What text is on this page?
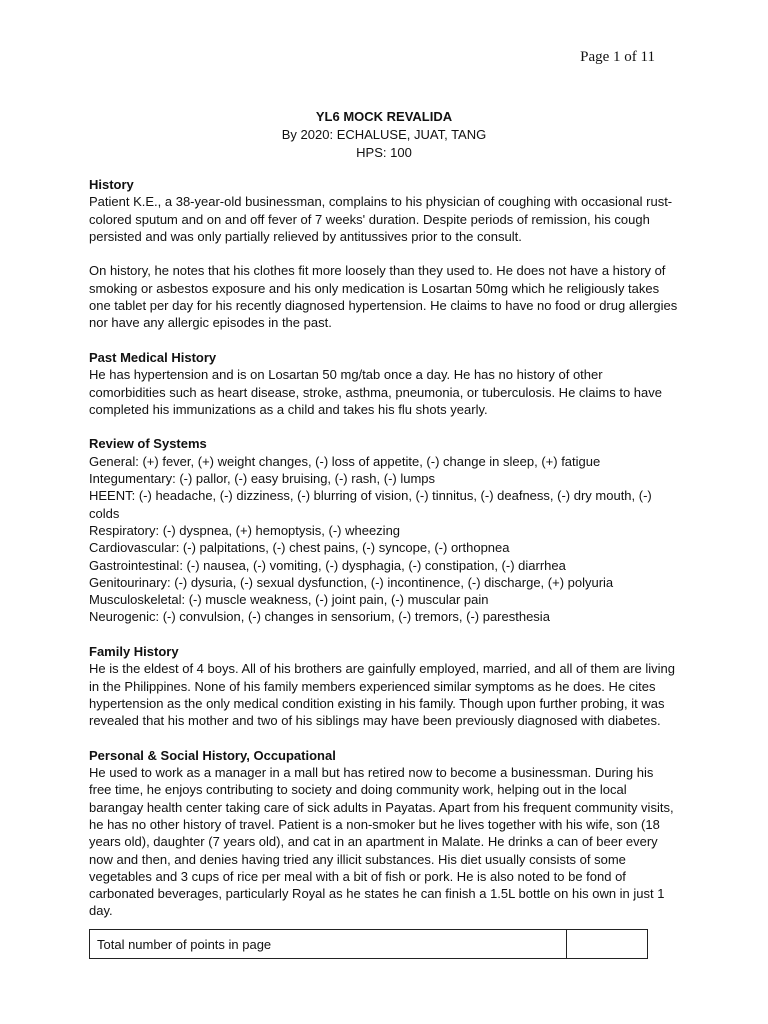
Page 1 of 11
YL6 MOCK REVALIDA
By 2020: ECHALUSE, JUAT, TANG
HPS: 100
History

Patient K.E., a 38-year-old businessman, complains to his physician of coughing with occasional rust-colored sputum and on and off fever of 7 weeks' duration. Despite periods of remission, his cough persisted and was only partially relieved by antitussives prior to the consult.

On history, he notes that his clothes fit more loosely than they used to. He does not have a history of smoking or asbestos exposure and his only medication is Losartan 50mg which he religiously takes one tablet per day for his recently diagnosed hypertension. He claims to have no food or drug allergies nor have any allergic episodes in the past.

Past Medical History

He has hypertension and is on Losartan 50 mg/tab once a day. He has no history of other comorbidities such as heart disease, stroke, asthma, pneumonia, or tuberculosis. He claims to have completed his immunizations as a child and takes his flu shots yearly.

Review of Systems
General: (+) fever, (+) weight changes, (-) loss of appetite, (-) change in sleep, (+) fatigue
Integumentary: (-) pallor, (-) easy bruising, (-) rash, (-) lumps
HEENT: (-) headache, (-) dizziness, (-) blurring of vision, (-) tinnitus, (-) deafness, (-) dry mouth, (-) colds
Respiratory: (-) dyspnea, (+) hemoptysis, (-) wheezing
Cardiovascular: (-) palpitations, (-) chest pains, (-) syncope, (-) orthopnea
Gastrointestinal: (-) nausea, (-) vomiting, (-) dysphagia, (-) constipation, (-) diarrhea
Genitourinary: (-) dysuria, (-) sexual dysfunction, (-) incontinence, (-) discharge, (+) polyuria
Musculoskeletal: (-) muscle weakness, (-) joint pain, (-) muscular pain
Neurogenic: (-) convulsion, (-) changes in sensorium, (-) tremors, (-) paresthesia
Family History

He is the eldest of 4 boys. All of his brothers are gainfully employed, married, and all of them are living in the Philippines. None of his family members experienced similar symptoms as he does. He cites hypertension as the only medical condition existing in his family. Though upon further probing, it was revealed that his mother and two of his siblings may have been previously diagnosed with diabetes.

Personal & Social History, Occupational

He used to work as a manager in a mall but has retired now to become a businessman. During his free time, he enjoys contributing to society and doing community work, helping out in the local barangay health center taking care of sick adults in Payatas. Apart from his frequent community visits, he has no other history of travel. Patient is a non-smoker but he lives together with his wife, son (18 years old), daughter (7 years old), and cat in an apartment in Malate. He drinks a can of beer every now and then, and denies having tried any illicit substances. His diet usually consists of some vegetables and 3 cups of rice per meal with a bit of fish or pork. He is also noted to be fond of carbonated beverages, particularly Royal as he states he can finish a 1.5L bottle on his own in just 1 day.

Total number of points in page	
